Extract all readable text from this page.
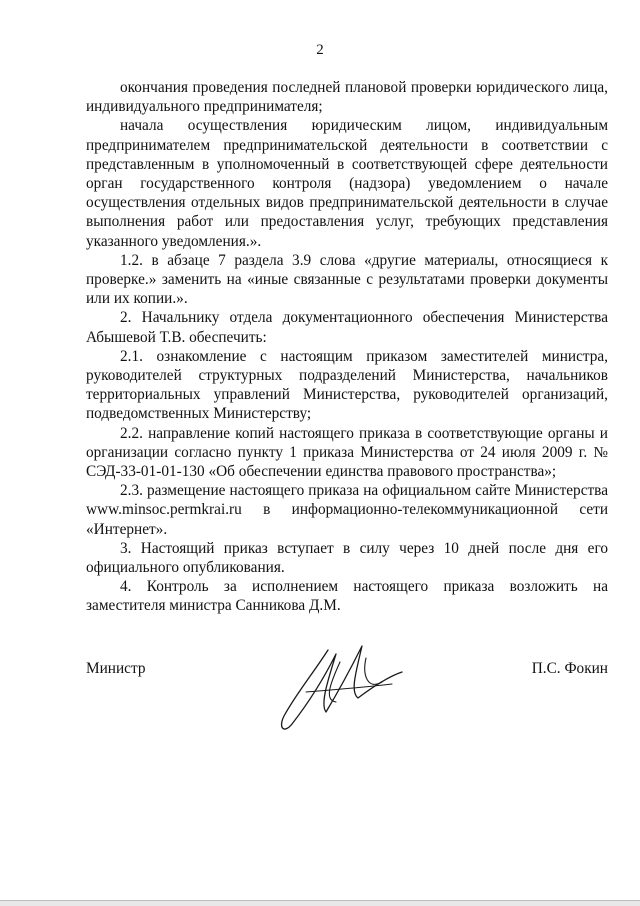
2

окончания проведения последней плановой проверки юридического лица, индивидуального предпринимателя;

начала осуществления юридическим лицом, индивидуальным предпринимателем предпринимательской деятельности в соответствии с представленным в уполномоченный в соответствующей сфере деятельности орган государственного контроля (надзора) уведомлением о начале осуществления отдельных видов предпринимательской деятельности в случае выполнения работ или предоставления услуг, требующих представления указанного уведомления.».

1.2. в абзаце 7 раздела 3.9 слова «другие материалы, относящиеся к проверке.» заменить на «иные связанные с результатами проверки документы или их копии.».

2. Начальнику отдела документационного обеспечения Министерства Абышевой Т.В. обеспечить:

2.1. ознакомление с настоящим приказом заместителей министра, руководителей структурных подразделений Министерства, начальников территориальных управлений Министерства, руководителей организаций, подведомственных Министерству;

2.2. направление копий настоящего приказа в соответствующие органы и организации согласно пункту 1 приказа Министерства от 24 июля 2009 г. № СЭД-33-01-01-130 «Об обеспечении единства правового пространства»;

2.3. размещение настоящего приказа на официальном сайте Министерства www.minsoc.permkrai.ru в информационно-телекоммуникационной сети «Интернет».

3. Настоящий приказ вступает в силу через 10 дней после дня его официального опубликования.

4. Контроль за исполнением настоящего приказа возложить на заместителя министра Санникова Д.М.

Министр	П.С. Фокин
